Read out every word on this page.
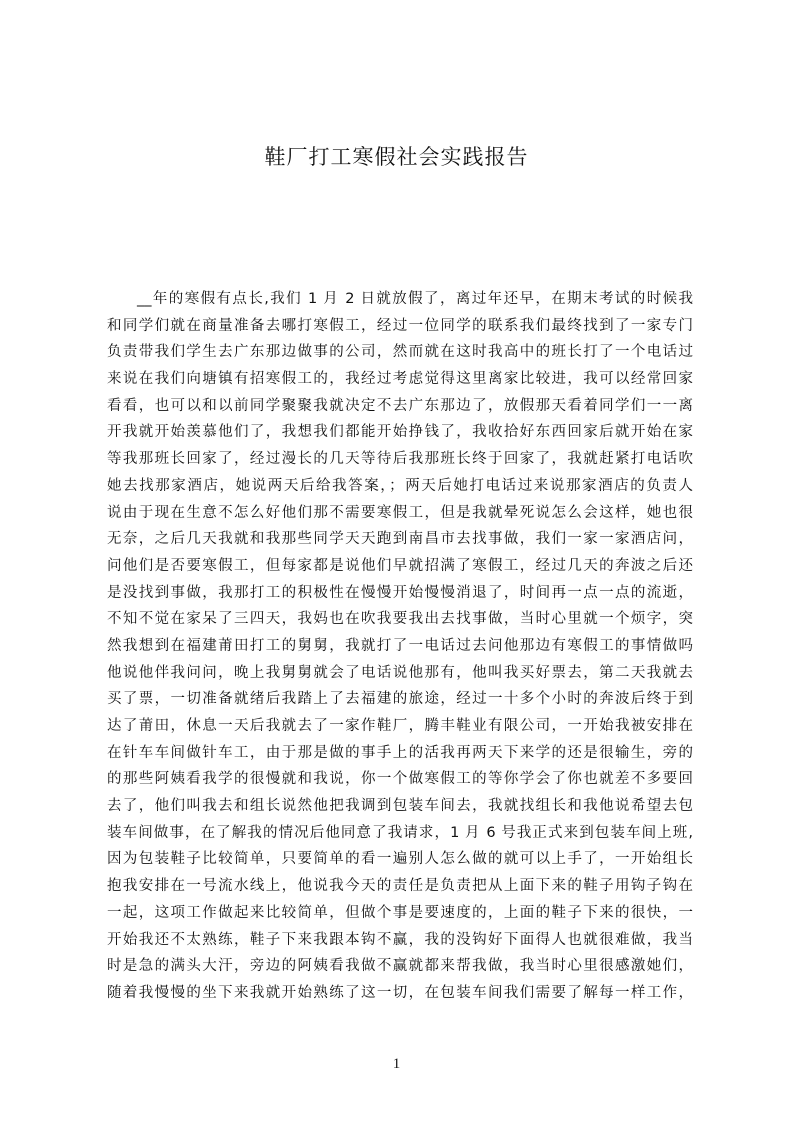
鞋厂打工寒假社会实践报告
__年的寒假有点长,我们 1 月 2 日就放假了，离过年还早，在期末考试的时候我
和同学们就在商量准备去哪打寒假工，经过一位同学的联系我们最终找到了一家专门
负责带我们学生去广东那边做事的公司，然而就在这时我高中的班长打了一个电话过
来说在我们向塘镇有招寒假工的，我经过考虑觉得这里离家比较进，我可以经常回家
看看，也可以和以前同学聚聚我就决定不去广东那边了，放假那天看着同学们一一离
开我就开始羡慕他们了，我想我们都能开始挣钱了，我收拾好东西回家后就开始在家
等我那班长回家了，经过漫长的几天等待后我那班长终于回家了，我就赶紧打电话吹
她去找那家酒店，她说两天后给我答案，；两天后她打电话过来说那家酒店的负责人
说由于现在生意不怎么好他们那不需要寒假工，但是我就晕死说怎么会这样，她也很
无奈，之后几天我就和我那些同学天天跑到南昌市去找事做，我们一家一家酒店问，
问他们是否要寒假工，但每家都是说他们早就招满了寒假工，经过几天的奔波之后还
是没找到事做，我那打工的积极性在慢慢开始慢慢消退了，时间再一点一点的流逝，
不知不觉在家呆了三四天，我妈也在吹我要我出去找事做，当时心里就一个烦字，突
然我想到在福建莆田打工的舅舅，我就打了一电话过去问他那边有寒假工的事情做吗
他说他伴我问问，晚上我舅舅就会了电话说他那有，他叫我买好票去，第二天我就去
买了票，一切准备就绪后我踏上了去福建的旅途，经过一十多个小时的奔波后终于到
达了莆田，休息一天后我就去了一家作鞋厂，腾丰鞋业有限公司，一开始我被安排在
在针车车间做针车工，由于那是做的事手上的活我再两天下来学的还是很输生，旁的
的那些阿姨看我学的很慢就和我说，你一个做寒假工的等你学会了你也就差不多要回
去了，他们叫我去和组长说然他把我调到包装车间去，我就找组长和我他说希望去包
装车间做事，在了解我的情况后他同意了我请求，1 月 6 号我正式来到包装车间上班,
因为包装鞋子比较简单，只要简单的看一遍别人怎么做的就可以上手了，一开始组长
抱我安排在一号流水线上，他说我今天的责任是负责把从上面下来的鞋子用钩子钩在
一起，这项工作做起来比较简单，但做个事是要速度的，上面的鞋子下来的很快，一
开始我还不太熟练，鞋子下来我跟本钩不赢，我的没钩好下面得人也就很难做，我当
时是急的满头大汗，旁边的阿姨看我做不赢就都来帮我做，我当时心里很感激她们，
随着我慢慢的坐下来我就开始熟练了这一切，在包装车间我们需要了解每一样工作，
1
